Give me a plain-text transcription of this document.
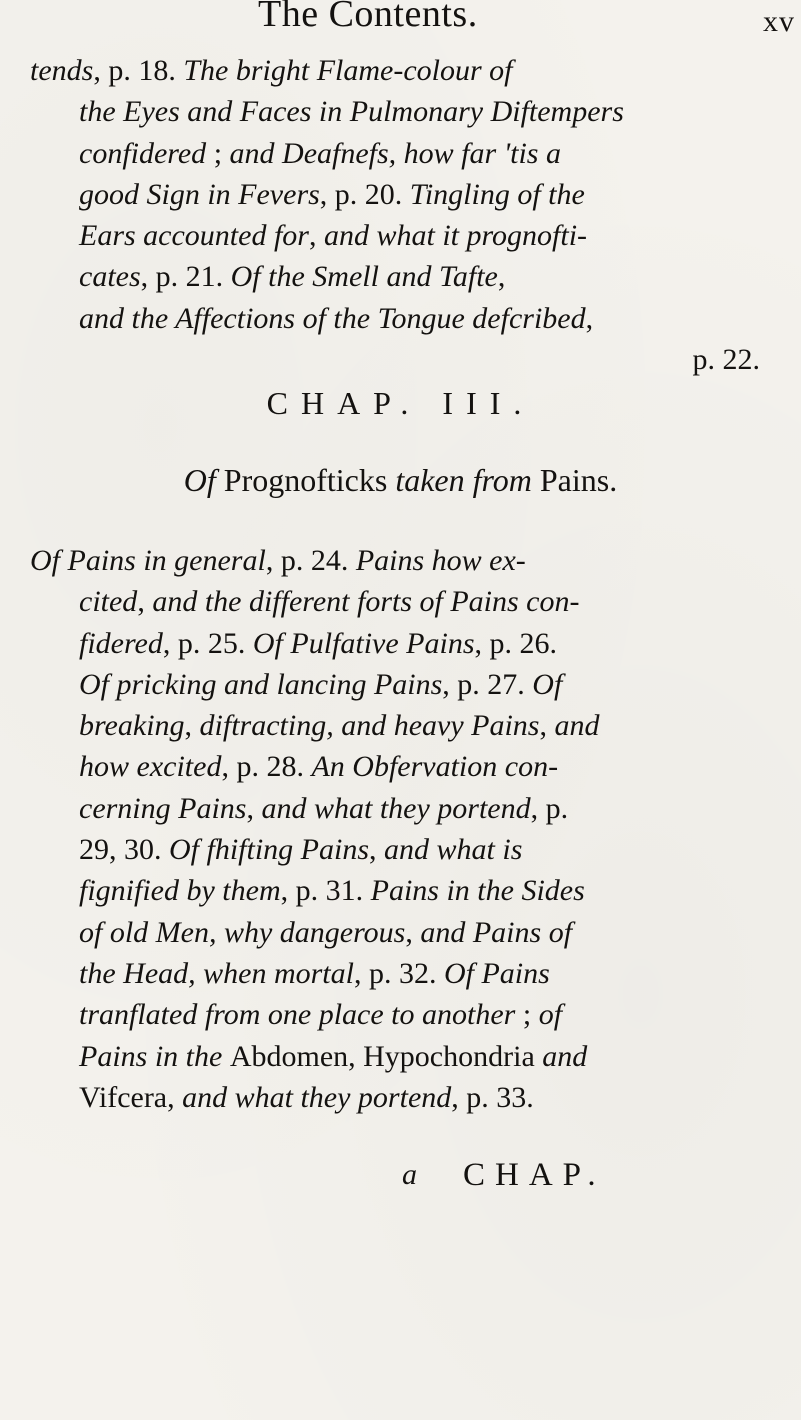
The Contents.	xv
tends, p. 18. The bright Flame-colour of
the Eyes and Faces in Pulmonary Diftempers
confidered ; and Deafnefs, how far 'tis a
good Sign in Fevers, p. 20. Tingling of the
Ears accounted for, and what it prognofti-
cates, p. 21. Of the Smell and Tafte,
and the Affections of the Tongue defcribed,
p. 22.
CHAP. III.
Of Prognofticks taken from Pains.
Of Pains in general, p. 24. Pains how ex-
cited, and the different forts of Pains con-
fidered, p. 25. Of Pulfative Pains, p. 26.
Of pricking and lancing Pains, p. 27. Of
breaking, diftracting, and heavy Pains, and
how excited, p. 28. An Obfervation con-
cerning Pains, and what they portend, p.
29, 30. Of fhifting Pains, and what is
fignified by them, p. 31. Pains in the Sides
of old Men, why dangerous, and Pains of
the Head, when mortal, p. 32. Of Pains
tranflated from one place to another ; of
Pains in the Abdomen, Hypochondria and
Vifcera, and what they portend, p. 33.
a CHAP.
